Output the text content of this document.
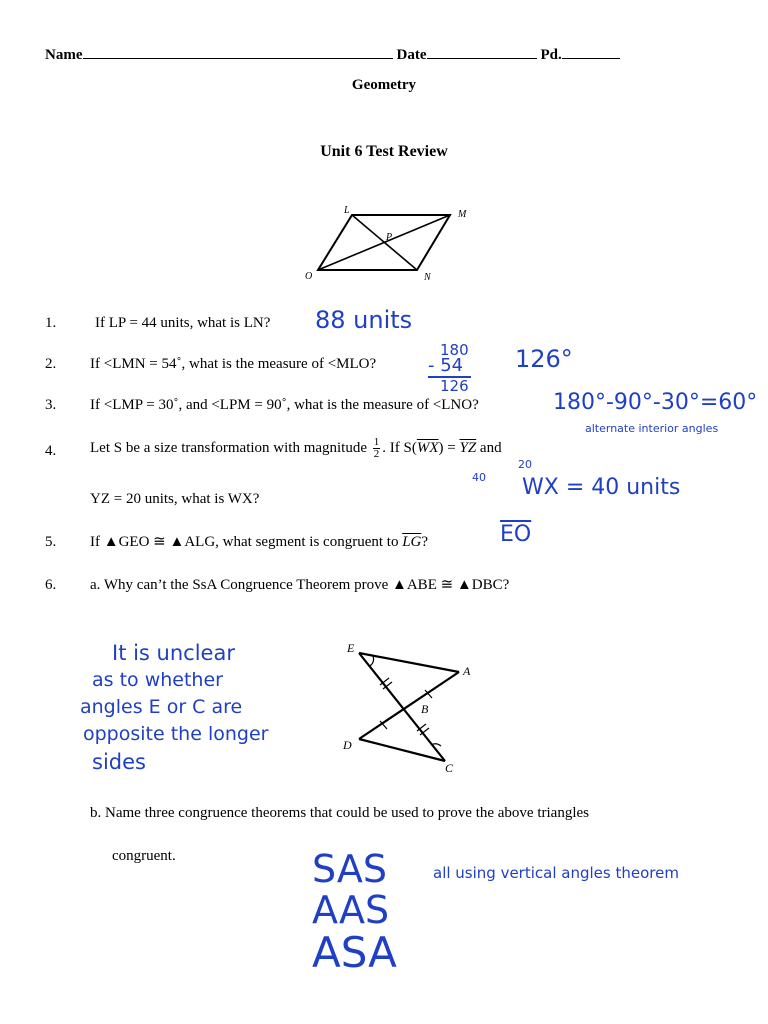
Name	Date	Pd.
Geometry
Unit 6 Test Review
L	M
P
O	N
1.	If LP = 44 units, what is LN?
2. If <LMN = 54˚, what is the measure of <MLO?
3. If <LMP = 30˚, and <LPM = 90˚, what is the measure of <LNO?
4. Let S be a size transformation with magnitude $\frac{1}{2}$ . If $S(\overline{WX}) = \overline{YZ}$ and
YZ = 20 units, what is WX?
5. If ▲GEO ≅ ▲ALG, what segment is congruent to $\overline{LG}$?
6. a. Why can’t the SsA Congruence Theorem prove ▲ABE ≅ ▲DBC?
b. Name three congruence theorems that could be used to prove the above triangles
congruent.
E
A
B
D
C
88 units
180
- 54
126
126°
180°-90°-30°=60°
alternate interior angles
20
40 WX = 40 units
$\overline{EO}$
It is unclear
as to whether
angles E or C are
opposite the longer
sides
SAS
AAS
ASA
all using vertical angles theorem
